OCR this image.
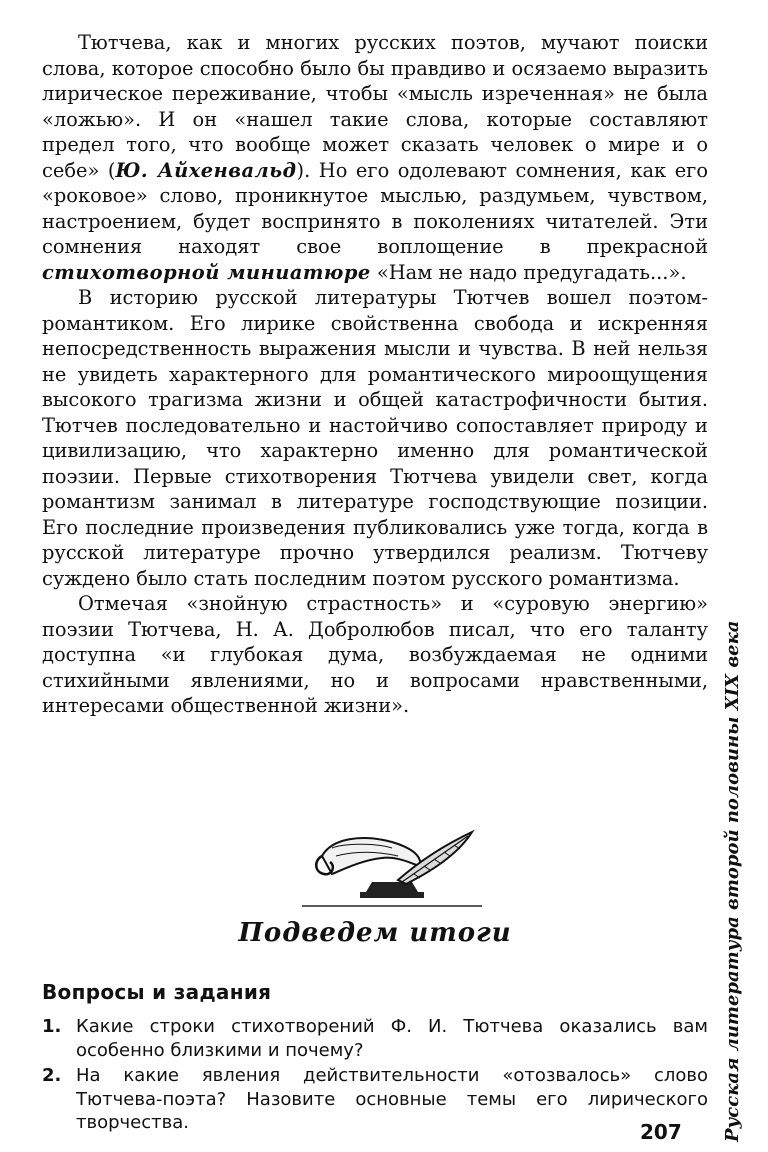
Тютчева, как и многих русских поэтов, мучают поиски слова, которое способно было бы правдиво и осязаемо выразить лирическое переживание, чтобы «мысль изреченная» не была «ложью». И он «нашел такие слова, которые составляют предел того, что вообще может сказать человек о мире и о себе» (Ю. Айхенвальд). Но его одолевают сомнения, как его «роковое» слово, проникнутое мыслью, раздумьем, чувством, настроением, будет воспринято в поколениях читателей. Эти сомнения находят свое воплощение в прекрасной стихотворной миниатюре «Нам не надо предугадать...».

В историю русской литературы Тютчев вошел поэтом-романтиком. Его лирике свойственна свобода и искренняя непосредственность выражения мысли и чувства. В ней нельзя не увидеть характерного для романтического мироощущения высокого трагизма жизни и общей катастрофичности бытия. Тютчев последовательно и настойчиво сопоставляет природу и цивилизацию, что характерно именно для романтической поэзии. Первые стихотворения Тютчева увидели свет, когда романтизм занимал в литературе господствующие позиции. Его последние произведения публиковались уже тогда, когда в русской литературе прочно утвердился реализм. Тютчеву суждено было стать последним поэтом русского романтизма.

Отмечая «знойную страстность» и «суровую энергию» поэзии Тютчева, Н. А. Добролюбов писал, что его таланту доступна «и глубокая дума, возбуждаемая не одними стихийными явлениями, но и вопросами нравственными, интересами общественной жизни».

Подведем итоги
Вопросы и задания
1. Какие строки стихотворений Ф. И. Тютчева оказались вам особенно близкими и почему?
2. На какие явления действительности «отозвалось» слово Тютчева-поэта? Назовите основные темы его лирического творчества.	Русская литература второй половины XIX века

207
